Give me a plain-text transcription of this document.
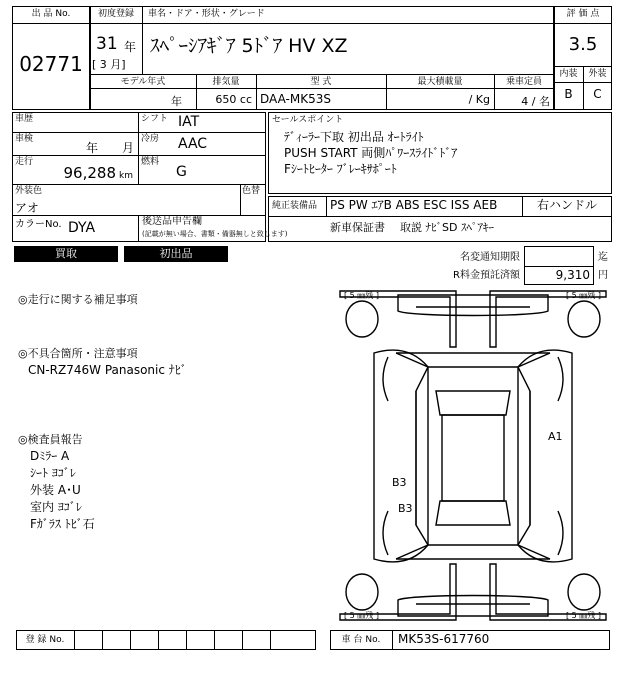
出 品 No.
02771
初度登録	車名・ドア・形状・グレード
31 年
[ 3 月]
ｽﾍﾟｰｼｱｷﾞｱ 5ﾄﾞｱ HV XZ
モデル年式	排気量	型 式	最大積載量	乗車定員
年	650 cc DAA-MK53S	/ Kg	4 / 名
評 価 点
3.5
内装	外装
B	C
車歴	シフト IAT
車検
年 月
冷房 AAC
走行
96,288 km
燃料
G
外装色
アオ
色替
カラーNo. DYA	後送品申告欄
(記載が無い場合、書類・備器無しと致します)
セールスポイント
ﾃﾞｨｰﾗｰ下取 初出品 ｵｰﾄﾗｲﾄ
PUSH START 両側ﾊﾟﾜｰｽﾗｲﾄﾞﾄﾞｱ
Fｼｰﾄﾋｰﾀｰ ﾌﾞﾚｰｷｻﾎﾟｰﾄ
純正装備品 PS PW ｴｱB ABS ESC ISS AEB	右ハンドル
新車保証書 取説 ﾅﾋﾞSD ｽﾍﾟｱｷｰ
買取	初出品	名変通知期限	迄
R料金預託済額	9,310 円
◎走行に関する補足事項
◎不具合箇所・注意事項
CN-RZ746W Panasonic ﾅﾋﾞ
◎検査員報告
Dﾐﾗｰ A
ｼｰﾄ ﾖｺﾞﾚ
外装 A･U
室内 ﾖｺﾞﾚ
Fｶﾞﾗｽ ﾄﾋﾞ石
[ 5 ㎜残 ]	[ 5 ㎜残 ]
[ 5 ㎜残 ]	[ 5 ㎜残 ]
A1
B3
B3
登 録 No.	車 台 No.	MK53S-617760
